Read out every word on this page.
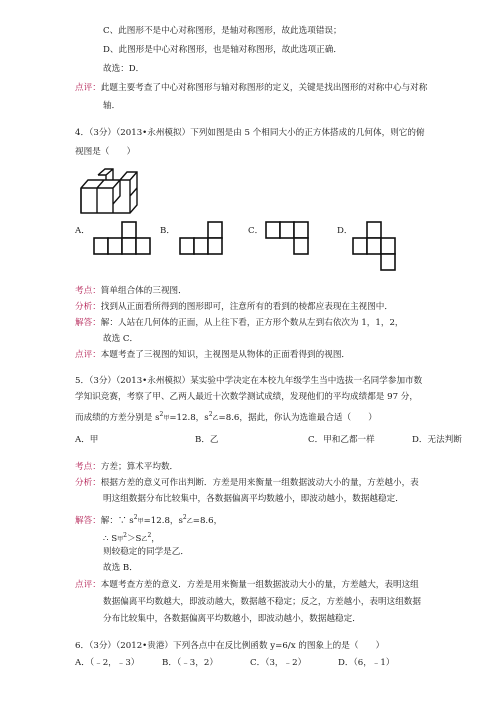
C、此图形不是中心对称图形，是轴对称图形，故此选项错误；
D、此图形是中心对称图形，也是轴对称图形，故此选项正确．
故选：D．
点评：此题主要考查了中心对称图形与轴对称图形的定义，关键是找出图形的对称中心与对称
轴．
4．（3分）（2013•永州模拟）下列如图是由 5 个相同大小的正方体搭成的几何体，则它的俯
视图是（　　）
A．	B．	C．	D．
考点：简单组合体的三视图．
分析：找到从正面看所得到的图形即可，注意所有的看到的棱都应表现在主视图中．
解答：解：人站在几何体的正面，从上往下看，正方形个数从左到右依次为 1，1，2，
故选 C．
点评：本题考查了三视图的知识，主视图是从物体的正面看得到的视图．
5．（3分）（2013•永州模拟）某实验中学决定在本校九年级学生当中选拔一名同学参加市数
学知识竞赛，考察了甲、乙两人最近十次数学测试成绩，发现他们的平均成绩都是 97 分，
而成绩的方差分别是 $s^2$甲=12.8，$s^2$乙=8.6，据此，你认为选谁最合适（　　）
A．甲	B．乙	C．甲和乙都一样	D．无法判断
考点：方差；算术平均数．
分析：根据方差的意义可作出判断．方差是用来衡量一组数据波动大小的量，方差越小，表
明这组数据分布比较集中，各数据偏离平均数越小，即波动越小，数据越稳定．
解答：解：∵ $s^2$甲=12.8，$s^2$乙=8.6，
∴ S甲$^2$＞S乙$^2$，
则较稳定的同学是乙．
故选 B．
点评：本题考查方差的意义．方差是用来衡量一组数据波动大小的量，方差越大，表明这组
数据偏离平均数越大，即波动越大，数据越不稳定；反之，方差越小，表明这组数据
分布比较集中，各数据偏离平均数越小，即波动越小，数据越稳定．
6．（3分）（2012•贵港）下列各点中在反比例函数 y=6/x 的图象上的是（　　）
A．（﹣2，﹣3）	B．（﹣3，2）	C．（3，﹣2）	D．（6，﹣1）
